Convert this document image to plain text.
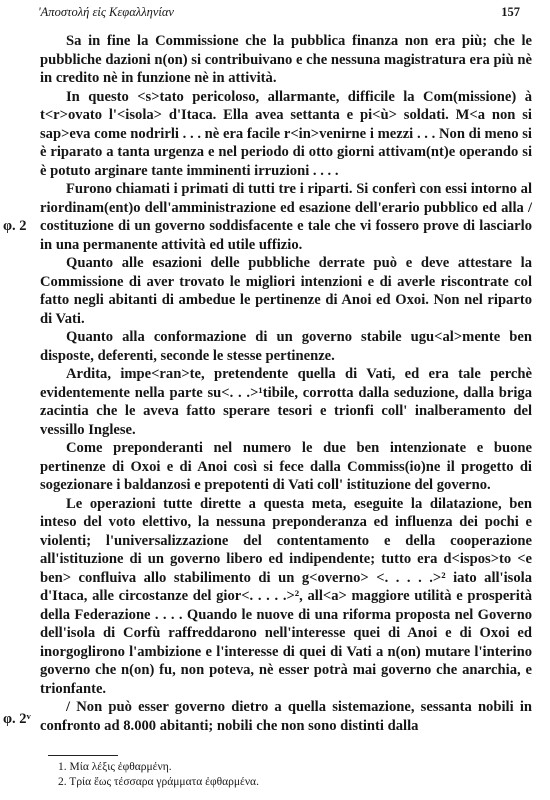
'Αποστολή εἰς Κεφαλληνίαν	157
φ. 2
φ. 2ᵛ

Sa in fine la Commissione che la pubblica finanza non era più; che le pubbliche dazioni n(on) si contribuivano e che nessuna magistratura era più nè in credito nè in funzione nè in attività.

In questo <s>tato pericoloso, allarmante, difficile la Com(missione) à t<r>ovato l'<isola> d'Itaca. Ella avea settanta e pi<ù> soldati. M<a non si sap>eva come nodrirli . . . nè era facile r<in>venirne i mezzi . . . Non di meno si è riparato a tanta urgenza e nel periodo di otto giorni attivam(nt)e operando si è potuto arginare tante imminenti irruzioni . . . .

Furono chiamati i primati di tutti tre i riparti. Si conferì con essi intorno al riordinam(ent)o dell'amministrazione ed esazione dell'erario pubblico ed alla / costituzione di un governo soddisfacente e tale che vi fossero prove di lasciarlo in una permanente attività ed utile uffizio.

Quanto alle esazioni delle pubbliche derrate può e deve attestare la Commissione di aver trovato le migliori intenzioni e di averle riscontrate col fatto negli abitanti di ambedue le pertinenze di Anoi ed Oxoi. Non nel riparto di Vati.

Quanto alla conformazione di un governo stabile ugu<al>mente ben disposte, deferenti, seconde le stesse pertinenze.

Ardita, impe<ran>te, pretendente quella di Vati, ed era tale perchè evidentemente nella parte su<. . .>¹tibile, corrotta dalla seduzione, dalla briga zacintia che le aveva fatto sperare tesori e trionfi coll' inalberamento del vessillo Inglese.

Come preponderanti nel numero le due ben intenzionate e buone pertinenze di Oxoi e di Anoi così si fece dalla Commiss(io)ne il progetto di sogezionare i baldanzosi e prepotenti di Vati coll' istituzione del governo.

Le operazioni tutte dirette a questa meta, eseguite la dilatazione, ben inteso del voto elettivo, la nessuna preponderanza ed influenza dei pochi e violenti; l'universalizzazione del contentamento e della cooperazione all'istituzione di un governo libero ed indipendente; tutto era d<ispos>to <e ben> confluiva allo stabilimento di un g<overno> <. . . . .>² iato all'isola d'Itaca, alle circostanze del gior<. . . . .>², all<a> maggiore utilità e prosperità della Federazione . . . . Quando le nuove di una riforma proposta nel Governo dell'isola di Corfù raffreddarono nell'interesse quei di Anoi e di Oxoi ed inorgoglirono l'ambizione e l'interesse di quei di Vati a n(on) mutare l'interino governo che n(on) fu, non poteva, nè esser potrà mai governo che anarchia, e trionfante.

/ Non può esser governo dietro a quella sistemazione, sessanta nobili in confronto ad 8.000 abitanti; nobili che non sono distinti dalla

1. Μία λέξις ἐφθαρμένη.
2. Τρία ἕως τέσσαρα γράμματα ἐφθαρμένα.
